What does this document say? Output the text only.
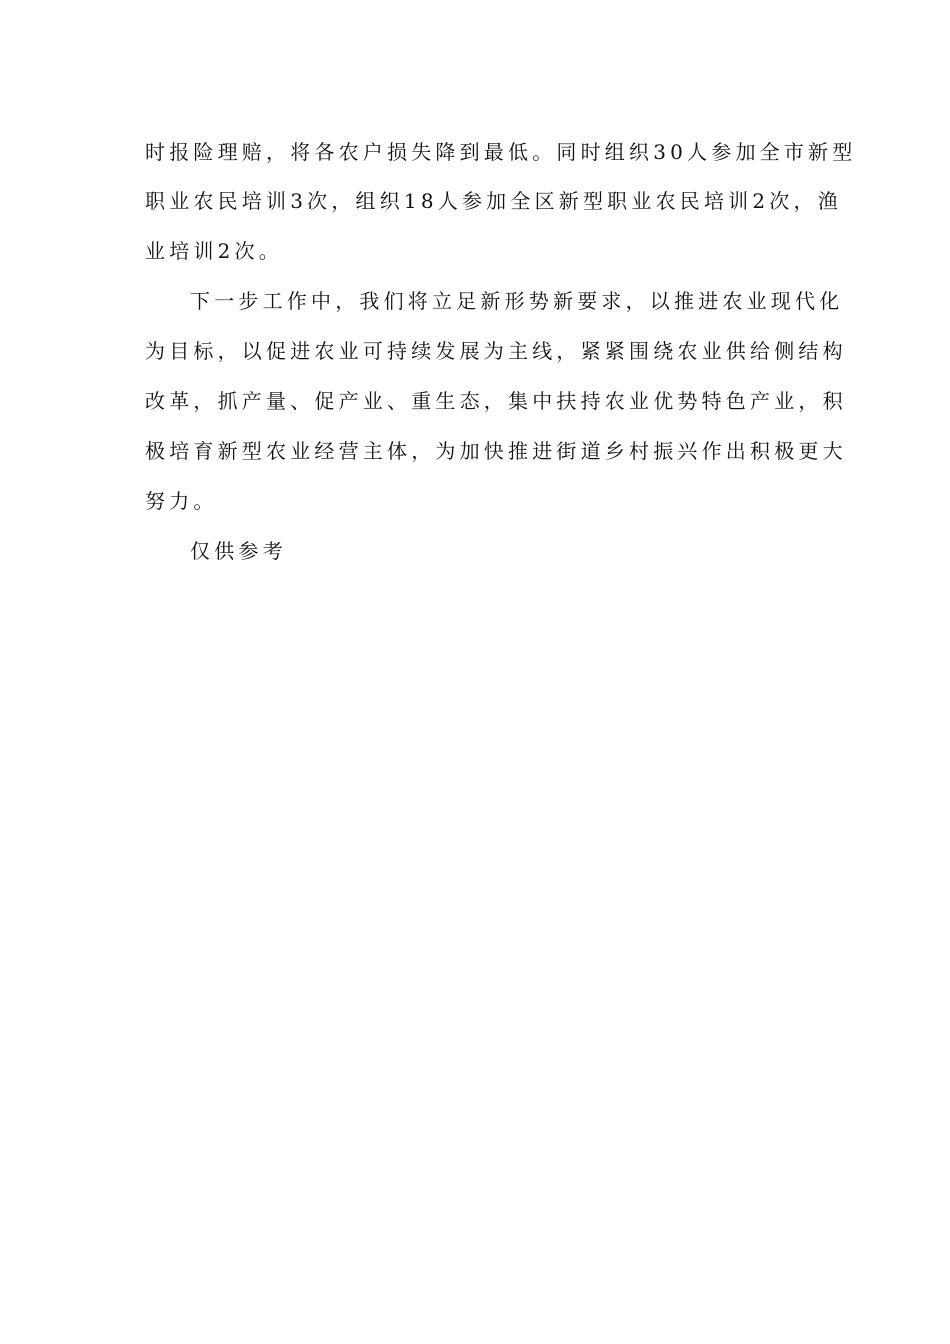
时报险理赔，将各农户损失降到最低。同时组织30人参加全市新型
职业农民培训3次，组织18人参加全区新型职业农民培训2次，渔
业培训2次。
下一步工作中，我们将立足新形势新要求，以推进农业现代化
为目标，以促进农业可持续发展为主线，紧紧围绕农业供给侧结构
改革，抓产量、促产业、重生态，集中扶持农业优势特色产业，积
极培育新型农业经营主体，为加快推进街道乡村振兴作出积极更大
努力。
仅供参考
